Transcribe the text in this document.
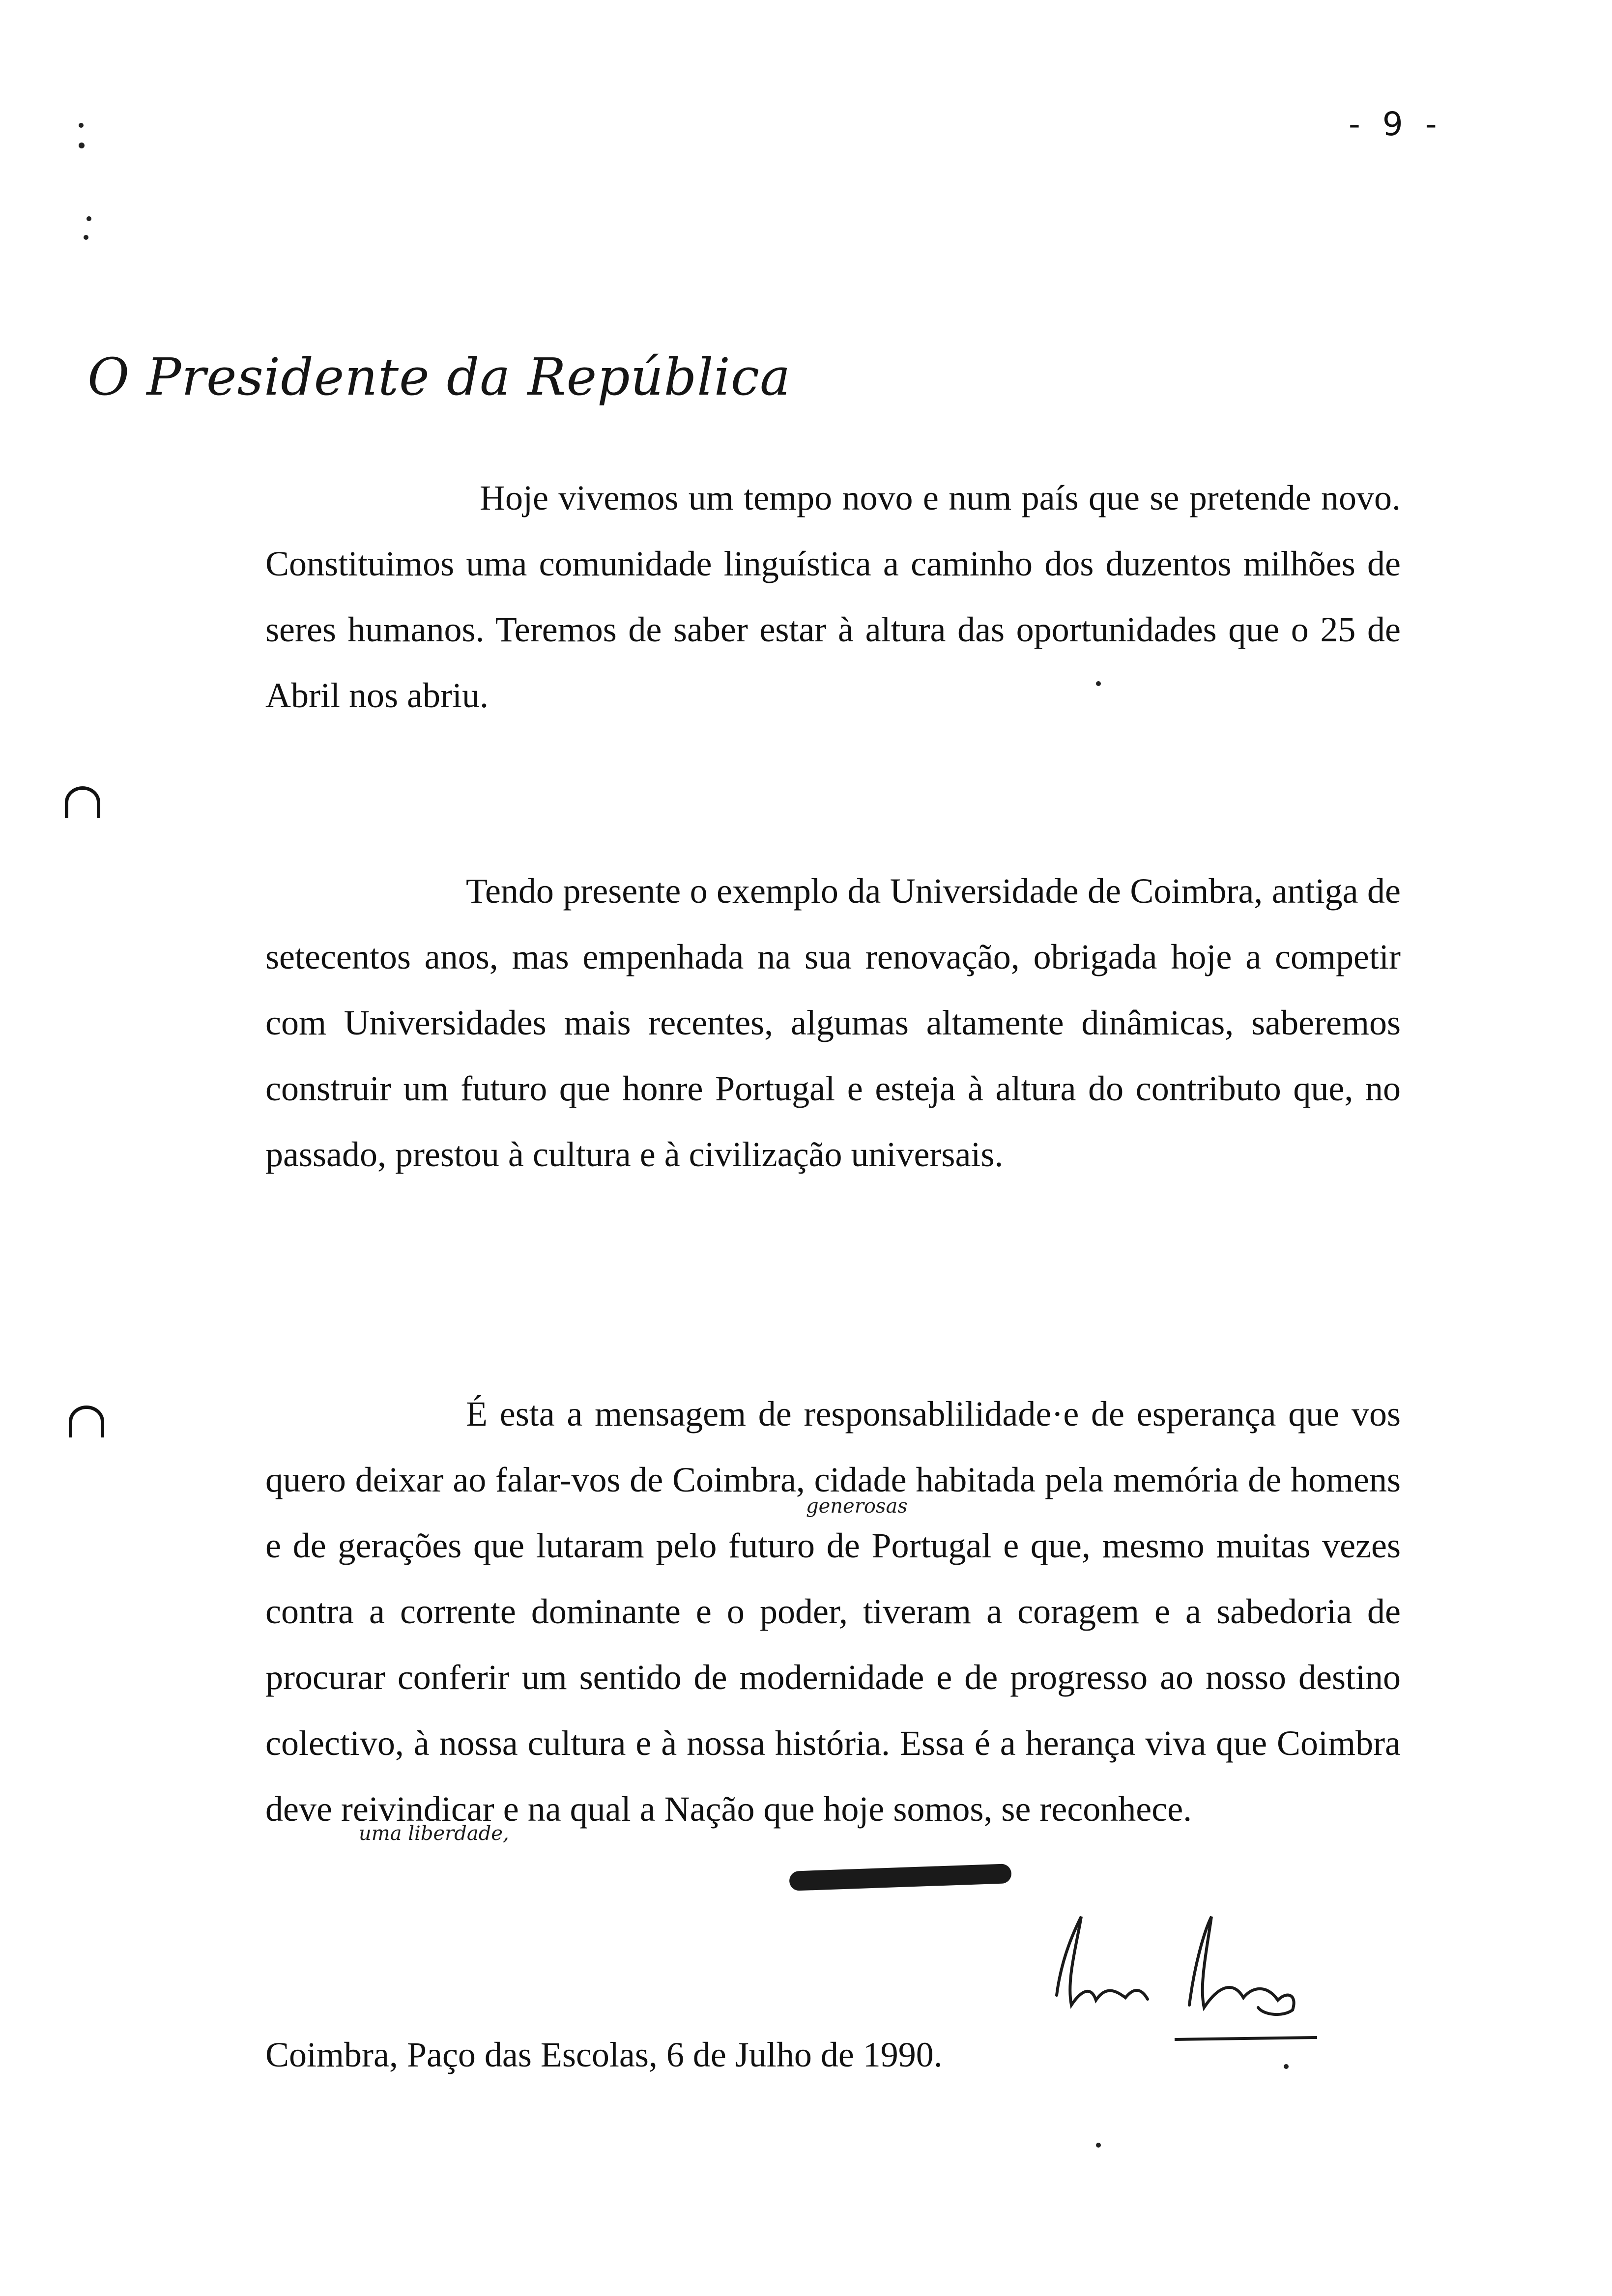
- 9 -
O Presidente da República

Hoje vivemos um tempo novo e num país que se pretende novo. Constituimos uma comunidade linguística a caminho dos duzentos milhões de seres humanos. Teremos de saber estar à altura das oportunidades que o 25 de Abril nos abriu.

Tendo presente o exemplo da Universidade de Coimbra, antiga de setecentos anos, mas empenhada na sua renovação, obrigada hoje a competir com Universidades mais recentes, algumas altamente dinâmicas, saberemos construir um futuro que honre Portugal e esteja à altura do contributo que, no passado, prestou à cultura e à civilização universais.

É esta a mensagem de responsablilidade·e de esperança que vos quero deixar ao falar-vos de Coimbra, cidade habitada pela memória de homens e de gerações que lutaram pelo futuro de Portugal e que, mesmo muitas vezes contra a corrente dominante e o poder, tiveram a coragem e a sabedoria de procurar conferir um sentido de modernidade e de progresso ao nosso destino colectivo, à nossa cultura e à nossa história. Essa é a herança viva que Coimbra deve reivindicar e na qual a Nação que hoje somos, se reconhece.

generosas
uma liberdade,
Coimbra, Paço das Escolas, 6 de Julho de 1990.
